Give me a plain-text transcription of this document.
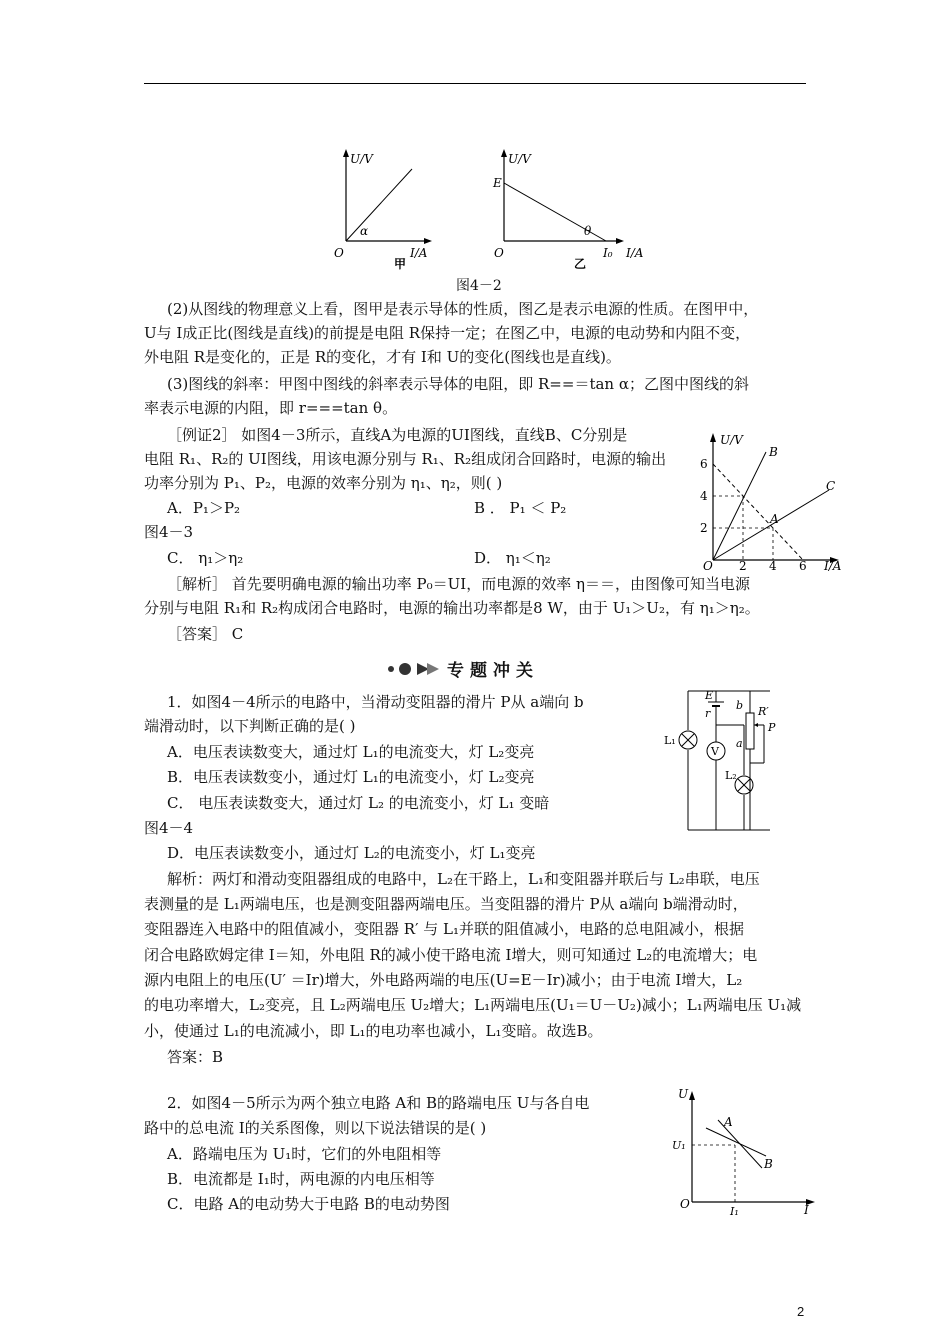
U/V
I/A
O
α
甲
U/V
I/A
O
E
I₀
θ
乙
图4－2
(2)从图线的物理意义上看，图甲是表示导体的性质，图乙是表示电源的性质。在图甲中，
U与 I成正比(图线是直线)的前提是电阻 R保持一定；在图乙中，电源的电动势和内阻不变，
外电阻 R是变化的，正是 R的变化，才有 I和 U的变化(图线也是直线)。
(3)图线的斜率：甲图中图线的斜率表示导体的电阻，即 R==＝tan α；乙图中图线的斜
率表示电源的内阻，即 r===tan θ。
［例证2］ 如图4－3所示，直线A为电源的UI图线，直线B、C分别是
电阻 R₁、R₂的 UI图线，用该电源分别与 R₁、R₂组成闭合回路时，电源的输出
功率分别为 P₁、P₂，电源的效率分别为 η₁、η₂，则( )
A．P₁＞P₂	B ． P₁ ＜ P₂
图4－3
C． η₁＞η₂	D． η₁＜η₂
［解析］ 首先要明确电源的输出功率 P₀＝UI，而电源的效率 η＝＝，由图像可知当电源
分别与电阻 R₁和 R₂构成闭合电路时，电源的输出功率都是8 W，由于 U₁＞U₂，有 η₁＞η₂。
［答案］ C
U/V
I/A
O
6
4
2
2 4 6
B
A
C
专题冲关
1．如图4－4所示的电路中，当滑动变阻器的滑片 P从 a端向 b
端滑动时，以下判断正确的是( )
A．电压表读数变大，通过灯 L₁的电流变大，灯 L₂变亮
B．电压表读数变小，通过灯 L₁的电流变小，灯 L₂变亮
C． 电压表读数变大，通过灯 L₂ 的电流变小，灯 L₁ 变暗
图4－4
D．电压表读数变小，通过灯 L₂的电流变小，灯 L₁变亮
解析：两灯和滑动变阻器组成的电路中，L₂在干路上，L₁和变阻器并联后与 L₂串联，电压
表测量的是 L₁两端电压，也是测变阻器两端电压。当变阻器的滑片 P从 a端向 b端滑动时，
变阻器连入电路中的阻值减小，变阻器 R′ 与 L₁并联的阻值减小，电路的总电阻减小，根据
闭合电路欧姆定律 I＝知，外电阻 R的减小使干路电流 I增大，则可知通过 L₂的电流增大；电
源内电阻上的电压(U′ ＝Ir)增大，外电路两端的电压(U=E－Ir)减小；由于电流 I增大，L₂
的电功率增大，L₂变亮，且 L₂两端电压 U₂增大；L₁两端电压(U₁＝U－U₂)减小；L₁两端电压 U₁减
小，使通过 L₁的电流减小，即 L₁的电功率也减小，L₁变暗。故选B。
答案：B
V
E
r
b R′
P
a
L₁
L₂
2．如图4－5所示为两个独立电路 A和 B的路端电压 U与各自电
路中的总电流 I的关系图像，则以下说法错误的是( )
A．路端电压为 U₁时，它们的外电阻相等
B．电流都是 I₁时，两电源的内电压相等
C．电路 A的电动势大于电路 B的电动势图
U
I
O
A
B
U₁
I₁
2
